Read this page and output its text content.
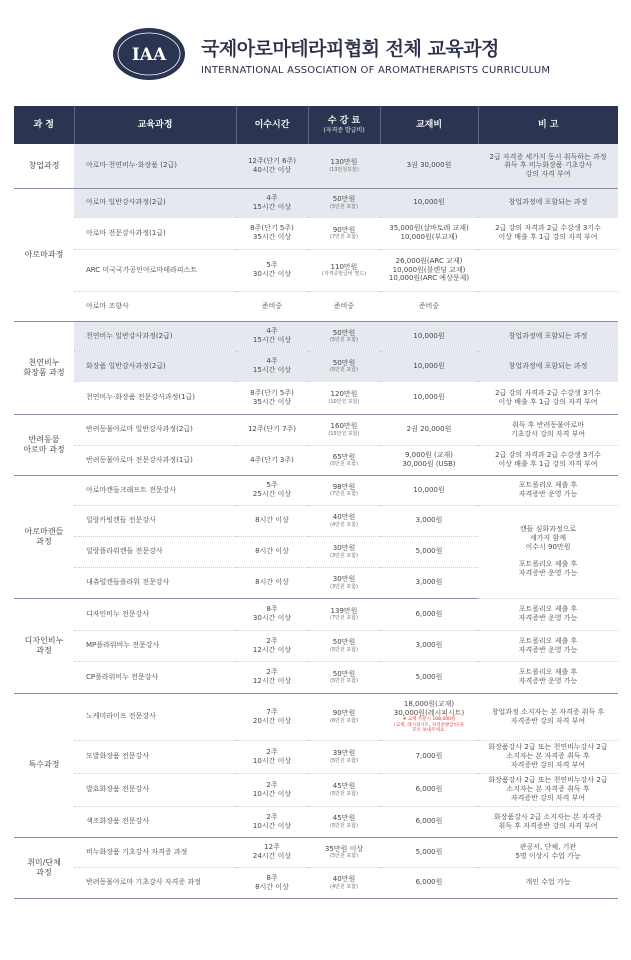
IAA 국제아로마테라피협회 전체 교육과정
INTERNATIONAL ASSOCIATION OF AROMATHERAPISTS CURRICULUM
과 정	교육과정	이수시간	수 강 료
(자격증 발급비)	교재비	비 고
창업과정	아로마·천연비누·화장품 (2급)	12주(단기 6주)
40시간 이상	130만원
(13만원포함)	3권 30,000원	2급 자격증 세가지 동시 취득하는 과정
취득 후 비누화장품 기초강사
강의 자격 부여
아로마과정	아로마 일반강사과정(2급)	4주
15시간 이상	50만원
(5만원 포함)	10,000원	창업과정에 포함되는 과정
	아로마 전문강사과정(1급)	8주(단기 5주)
35시간 이상	90만원
(7만원 포함)	35,000원(살바토레 교재)
10,000원(부교재)	2급 강의 자격과 2급 수강생 3기수
이상 배출 후 1급 강의 자격 부여
	ARC 미국국가공인아로마테라피스트	5주
30시간 이상	110만원
(자격증발급비 별도)	26,000원(ARC 교재)
10,000원(블렌딩 교재)
10,000원(ARC 예상문제)	
	아로마 조향사	준비중	준비중	준비중	
천연비누
화장품 과정	천연비누 일반강사과정(2급)	4주
15시간 이상	50만원
(5만원 포함)	10,000원	창업과정에 포함되는 과정
	화장품 일반강사과정(2급)	4주
15시간 이상	50만원
(5만원 포함)	10,000원	창업과정에 포함되는 과정
	천연비누·화장품 전문강사과정(1급)	8주(단기 5주)
35시간 이상	120만원
(10만원 포함)	10,000원	2급 강의 자격과 2급 수강생 3기수
이상 배출 후 1급 강의 자격 부여
반려동물
아로마 과정	반려동물아로마 일반강사과정(2급)	12주(단기 7주)	160만원
(15만원 포함)	2권 20,000원	취득 후 반려동물아로마
기초강사 강의 자격 부여
	반려동물아로마 전문강사과정(1급)	4주(단기 3주)	65만원
(5만원 포함)	9,000원 (교재)
30,000원 (USB)	2급 강의 자격과 2급 수강생 3기수
이상 배출 후 1급 강의 자격 부여
아로마캔들
과정	아로마캔들크래프트 전문강사	5주
25시간 이상	98만원
(7만원 포함)	10,000원	포트폴리오 제출 후
자격증반 운영 가능
	일랑카빙캔들 전문강사	8시간 이상	40만원
(4만원 포함)	3,000원	캔들 심화과정으로
세가지 함께
이수시 90만원

포트폴리오 제출 후
자격증반 운영 가능
	일랑플라워캔들 전문강사	8시간 이상	30만원
(3만원 포함)	5,000원	
	내츄럴캔들플라워 전문강사	8시간 이상	30만원
(3만원 포함)	3,000원	
디자인비누
과정	디자인비누 전문강사	8주
30시간 이상	139만원
(7만원 포함)	6,000원	포트폴리오 제출 후
자격증반 운영 가능
	MP플라워비누 전문강사	2주
12시간 이상	50만원
(5만원 포함)	3,000원	포트폴리오 제출 후
자격증반 운영 가능
	CP플라워비누 전문강사	2주
12시간 이상	50만원
(5만원 포함)	5,000원	포트폴리오 제출 후
자격증반 운영 가능
특수과정	노케미라이프 전문강사	7주
20시간 이상	90만원
(6만원 포함)	18,000원(교재)
30,000원(레시피시트)
※ 교재 주문시 108,000원
(교재, 레시피시트, 자격증발급비)을
모두 보내주세요.	창업과정 소지자는 본 자격증 취득 후
자격증반 강의 자격 부여
	모발화장품 전문강사	2주
10시간 이상	39만원
(5만원 포함)	7,000원	화장품강사 2급 또는 천연비누강사 2급
소지자는 본 자격증 취득 후
자격증반 강의 자격 부여
	발효화장품 전문강사	2주
10시간 이상	45만원
(5만원 포함)	6,000원	화장품강사 2급 또는 천연비누강사 2급
소지자는 본 자격증 취득 후
자격증반 강의 자격 부여
	색조화장품 전문강사	2주
10시간 이상	45만원
(5만원 포함)	6,000원	화장품강사 2급 소지자는 본 자격증
취득 후 자격증반 강의 자격 부여
취미/단체
과정	비누화장품 기초강사 자격증 과정	12주
24시간 이상	35만원 이상
(5만원 포함)	5,000원	관공서, 단체, 기관
5명 이상시 수업 가능
	반려동물아로마 기초강사 자격증 과정	8주
8시간 이상	40만원
(4만원 포함)	6,000원	개인 수업 가능
